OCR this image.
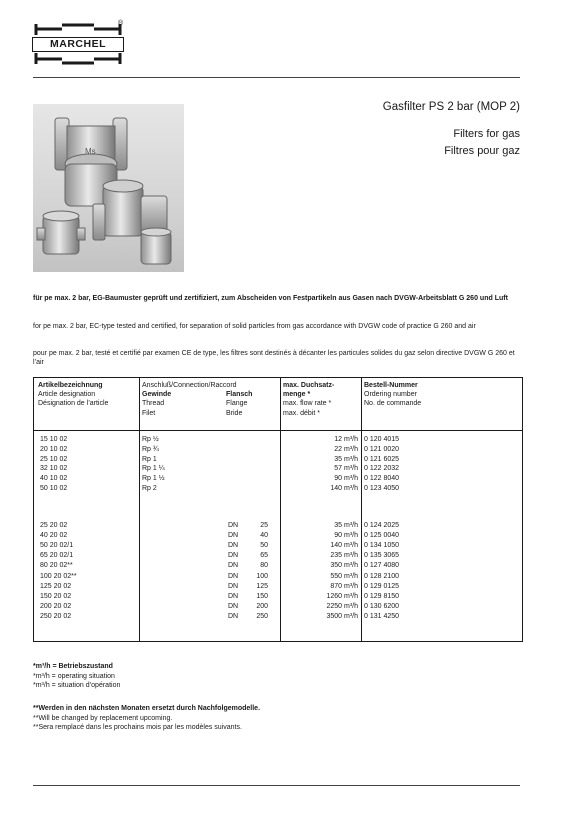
®
MARCHEL
Gasfilter PS 2 bar (MOP 2)
Filters for gas
Filtres pour gaz
Ms
für pe max. 2 bar, EG-Baumuster geprüft und zertifiziert, zum Abscheiden von Festpartikeln aus Gasen nach DVGW-Arbeitsblatt G 260 und Luft
for pe max. 2 bar, EC-type tested and certified, for separation of solid particles from gas accordance with DVGW code of practice G 260 and air
pour pe max. 2 bar, testé et certifié par examen CE de type, les filtres sont destinés à décanter les particules solides du gaz selon directive DVGW G 260 et l’air
Artikelbezeichnung
Article designation
Désignation de l’article
Anschluß/Connection/Raccord
Gewinde
Thread
Filet
Flansch
Flange
Bride
max. Duchsatz-
menge *
max. flow rate *
max. débit *
Bestell-Nummer
Ordering number
No. de commande
15 10 02	Rp ½	12 m³/h 0 120 4015
20 10 02	Rp ¾	22 m³/h 0 121 0020
25 10 02	Rp 1	35 m³/h 0 121 6025
32 10 02	Rp 1 ¼	57 m³/h 0 122 2032
40 10 02	Rp 1 ½	90 m³/h 0 122 8040
50 10 02	Rp 2	140 m³/h 0 123 4050
25 20 02	DN	25	35 m³/h 0 124 2025
40 20 02	DN	40	90 m³/h 0 125 0040
50 20 02/1	DN	50	140 m³/h 0 134 1050
65 20 02/1	DN	65	235 m³/h 0 135 3065
80 20 02**	DN	80	350 m³/h 0 127 4080
100 20 02**	DN	100	550 m³/h 0 128 2100
125 20 02	DN	125	870 m³/h 0 129 0125
150 20 02	DN	150	1260 m³/h 0 129 8150
200 20 02	DN	200	2250 m³/h 0 130 6200
250 20 02	DN	250	3500 m³/h 0 131 4250
*m³/h = Betriebszustand
*m³/h = operating situation
*m³/h = situation d’opération
**Werden in den nächsten Monaten ersetzt durch Nachfolgemodelle.
**Will be changed by replacement upcoming.
**Sera remplacé dans les prochains mois par les modèles suivants.
